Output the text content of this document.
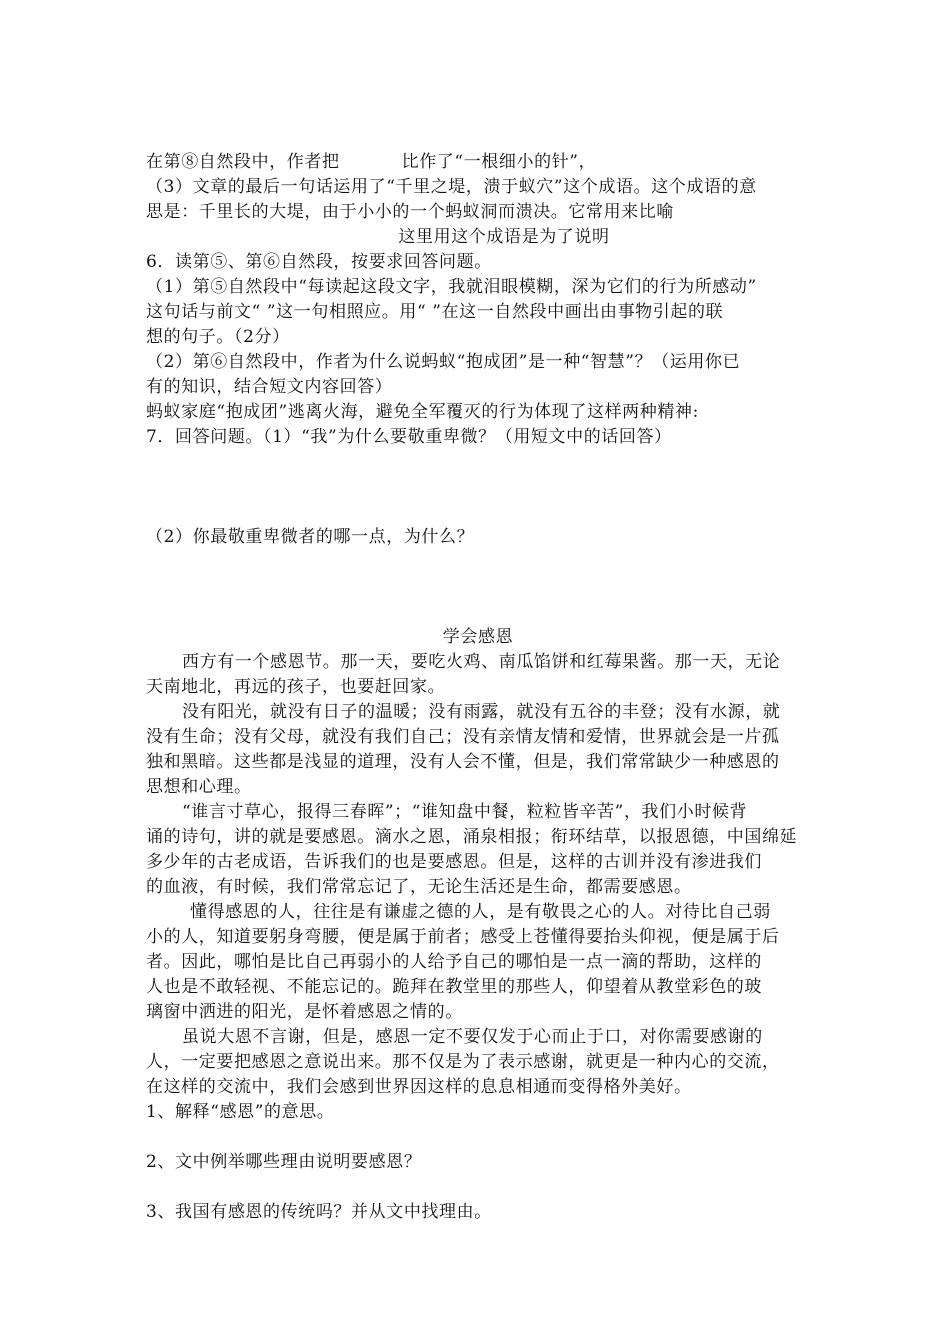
在第⑧自然段中，作者把	比作了“一根细小的针”，
（3）文章的最后一句话运用了“千里之堤，溃于蚁穴”这个成语。这个成语的意
思是：千里长的大堤，由于小小的一个蚂蚁洞而溃决。它常用来比喻
这里用这个成语是为了说明
6．读第⑤、第⑥自然段，按要求回答问题。
（1）第⑤自然段中“每读起这段文字，我就泪眼模糊，深为它们的行为所感动”
这句话与前文“ ”这一句相照应。用“ ”在这一自然段中画出由事物引起的联
想的句子。（2分）
（2）第⑥自然段中，作者为什么说蚂蚁“抱成团”是一种“智慧”？（运用你已
有的知识，结合短文内容回答）
蚂蚁家庭“抱成团”逃离火海，避免全军覆灭的行为体现了这样两种精神:
7．回答问题。（1）“我”为什么要敬重卑微？（用短文中的话回答）
（2）你最敬重卑微者的哪一点，为什么？
学会感恩
西方有一个感恩节。那一天，要吃火鸡、南瓜馅饼和红莓果酱。那一天，无论
天南地北，再远的孩子，也要赶回家。
没有阳光，就没有日子的温暖；没有雨露，就没有五谷的丰登；没有水源，就
没有生命；没有父母，就没有我们自己；没有亲情友情和爱情，世界就会是一片孤
独和黑暗。这些都是浅显的道理，没有人会不懂，但是，我们常常缺少一种感恩的
思想和心理。
“谁言寸草心，报得三春晖”；“谁知盘中餐，粒粒皆辛苦”，我们小时候背
诵的诗句，讲的就是要感恩。滴水之恩，涌泉相报；衔环结草，以报恩德，中国绵延
多少年的古老成语，告诉我们的也是要感恩。但是，这样的古训并没有渗进我们
的血液，有时候，我们常常忘记了，无论生活还是生命，都需要感恩。
懂得感恩的人，往往是有谦虚之德的人，是有敬畏之心的人。对待比自己弱
小的人，知道要躬身弯腰，便是属于前者；感受上苍懂得要抬头仰视，便是属于后
者。因此，哪怕是比自己再弱小的人给予自己的哪怕是一点一滴的帮助，这样的
人也是不敢轻视、不能忘记的。跪拜在教堂里的那些人，仰望着从教堂彩色的玻
璃窗中洒进的阳光，是怀着感恩之情的。
虽说大恩不言谢，但是，感恩一定不要仅发于心而止于口，对你需要感谢的
人，一定要把感恩之意说出来。那不仅是为了表示感谢，就更是一种内心的交流，
在这样的交流中，我们会感到世界因这样的息息相通而变得格外美好。
1、解释“感恩”的意思。
2、文中例举哪些理由说明要感恩？
3、我国有感恩的传统吗？并从文中找理由。
